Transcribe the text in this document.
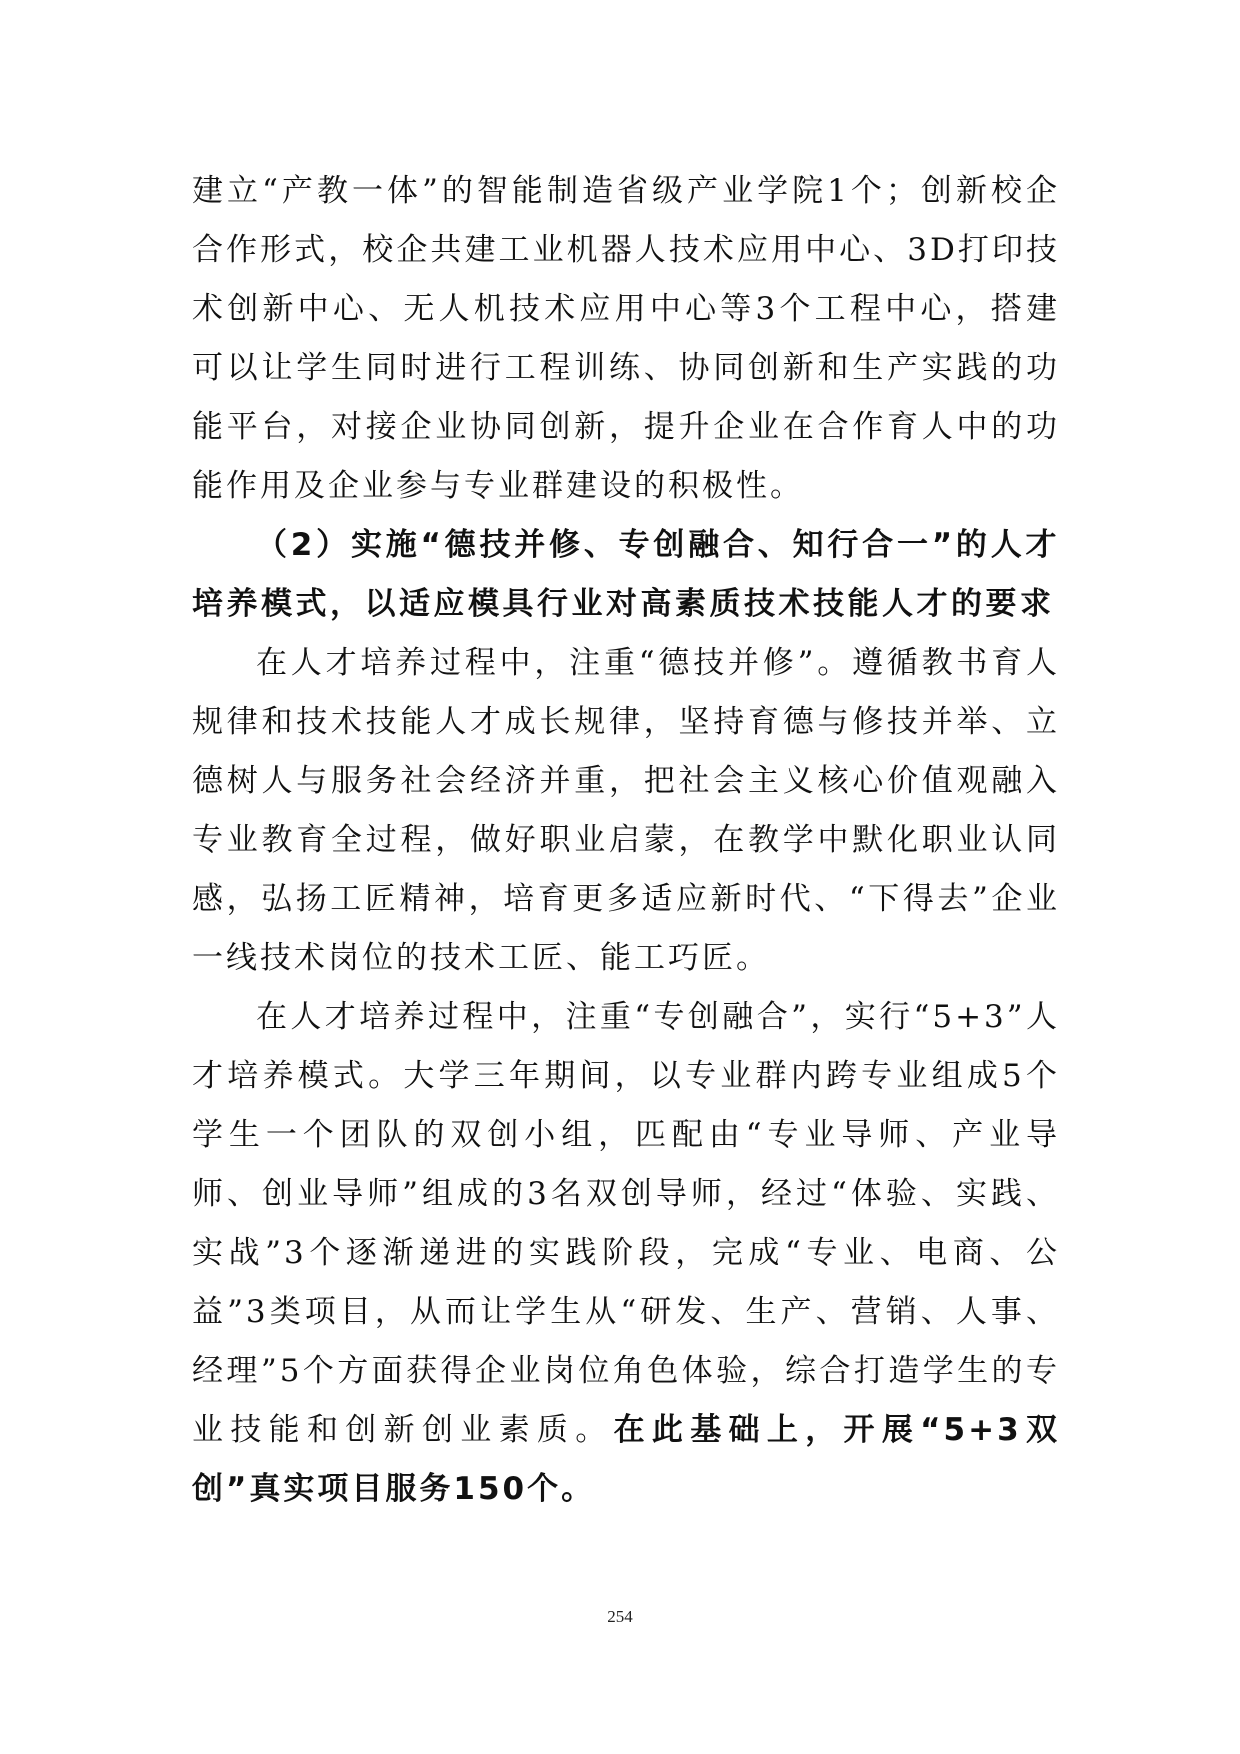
建立“产教一体”的智能制造省级产业学院1个；创新校企合作形式，校企共建工业机器人技术应用中心、3D打印技术创新中心、无人机技术应用中心等3个工程中心，搭建可以让学生同时进行工程训练、协同创新和生产实践的功能平台，对接企业协同创新，提升企业在合作育人中的功能作用及企业参与专业群建设的积极性。

（2）实施“德技并修、专创融合、知行合一”的人才培养模式，以适应模具行业对高素质技术技能人才的要求

在人才培养过程中，注重“德技并修”。遵循教书育人规律和技术技能人才成长规律，坚持育德与修技并举、立德树人与服务社会经济并重，把社会主义核心价值观融入专业教育全过程，做好职业启蒙，在教学中默化职业认同感，弘扬工匠精神，培育更多适应新时代、“下得去”企业一线技术岗位的技术工匠、能工巧匠。

在人才培养过程中，注重“专创融合”，实行“5+3”人才培养模式。大学三年期间，以专业群内跨专业组成5个学生一个团队的双创小组，匹配由“专业导师、产业导师、创业导师”组成的3名双创导师，经过“体验、实践、实战”3个逐渐递进的实践阶段，完成“专业、电商、公益”3类项目，从而让学生从“研发、生产、营销、人事、经理”5个方面获得企业岗位角色体验，综合打造学生的专业技能和创新创业素质。在此基础上，开展“5+3双创”真实项目服务150个。

254
